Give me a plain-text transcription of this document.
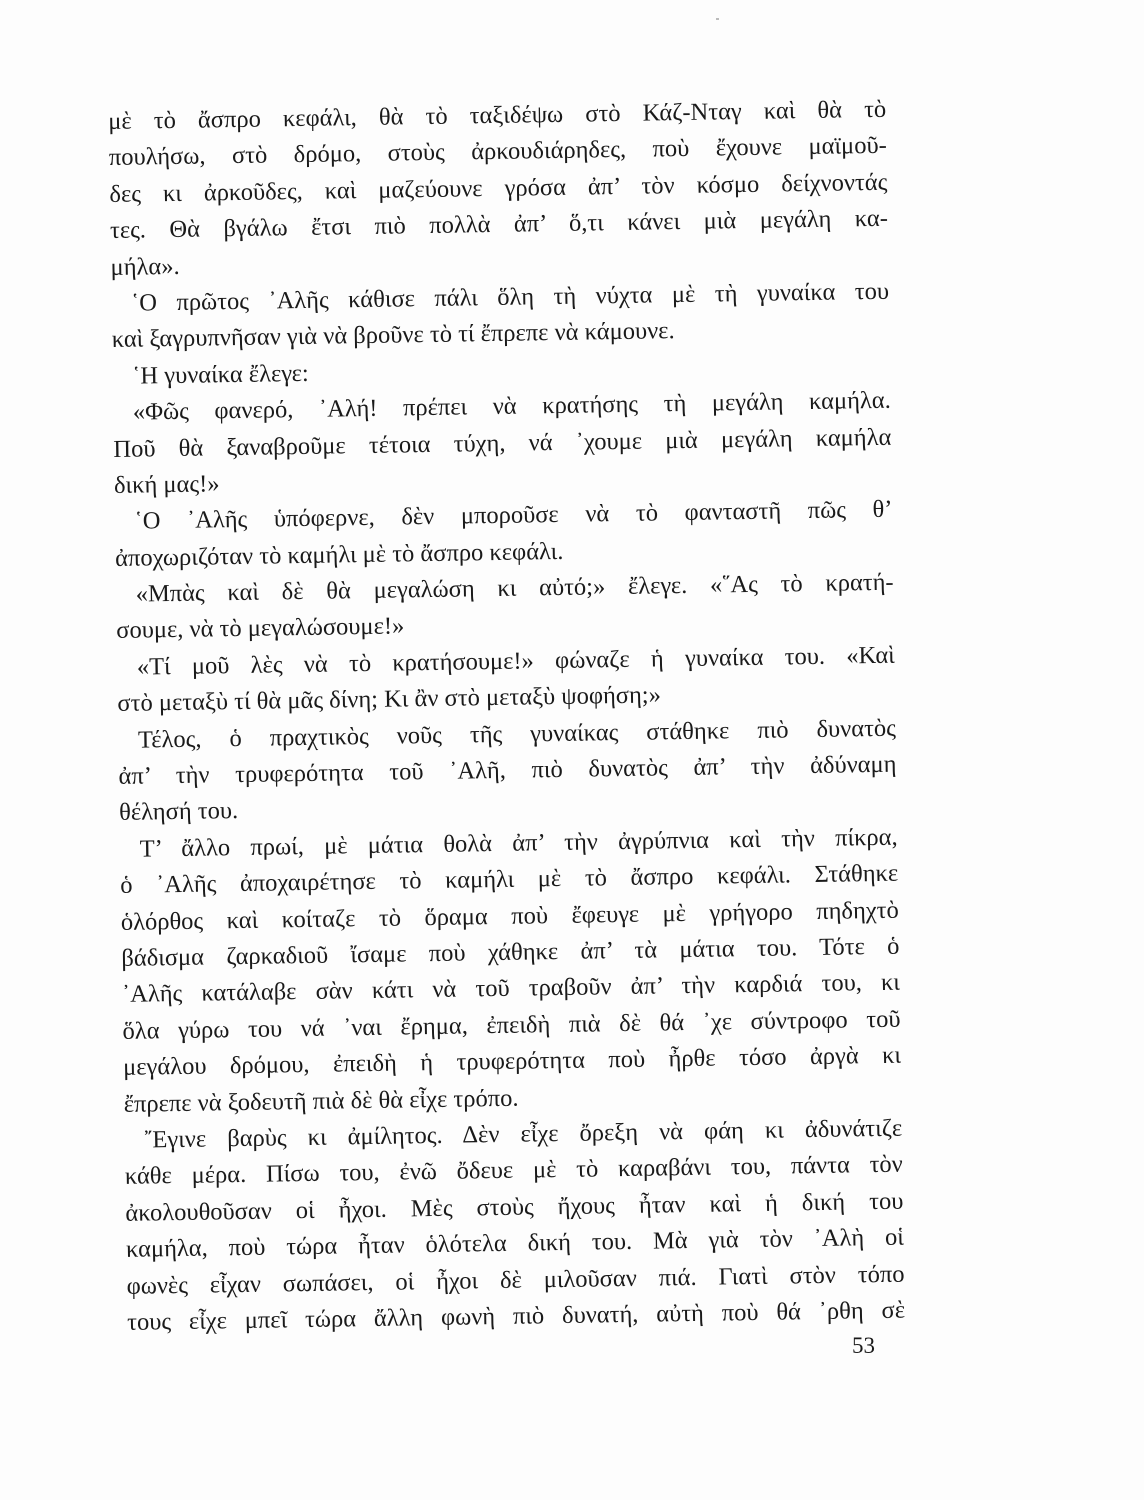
μὲ τὸ ἄσπρο κεφάλι, θὰ τὸ ταξιδέψω στὸ Κάζ-Νταγ καὶ θὰ τὸ
πουλήσω, στὸ δρόμο, στοὺς ἀρκουδιάρηδες, ποὺ ἔχουνε μαϊμοῦ-
δες κι ἀρκοῦδες, καὶ μαζεύουνε γρόσα ἀπ’ τὸν κόσμο δείχνοντάς
τες. Θὰ βγάλω ἔτσι πιὸ πολλὰ ἀπ’ ὅ,τι κάνει μιὰ μεγάλη κα-
μήλα».
῾Ο πρῶτος ᾿Αλῆς κάθισε πάλι ὅλη τὴ νύχτα μὲ τὴ γυναίκα του
καὶ ξαγρυπνῆσαν γιὰ νὰ βροῦνε τὸ τί ἔπρεπε νὰ κάμουνε.
῾Η γυναίκα ἔλεγε:
«Φῶς φανερό, ᾿Αλή! πρέπει νὰ κρατήσης τὴ μεγάλη καμήλα.
Ποῦ θὰ ξαναβροῦμε τέτοια τύχη, νά ᾿χουμε μιὰ μεγάλη καμήλα
δική μας!»
῾Ο ᾿Αλῆς ὑπόφερνε, δὲν μποροῦσε νὰ τὸ φανταστῆ πῶς θ’
ἀποχωριζόταν τὸ καμήλι μὲ τὸ ἄσπρο κεφάλι.
«Μπὰς καὶ δὲ θὰ μεγαλώση κι αὐτό;» ἔλεγε. «῞Ας τὸ κρατή-
σουμε, νὰ τὸ μεγαλώσουμε!»
«Τί μοῦ λὲς νὰ τὸ κρατήσουμε!» φώναζε ἡ γυναίκα του. «Καὶ
στὸ μεταξὺ τί θὰ μᾶς δίνη; Κι ἂν στὸ μεταξὺ ψοφήση;»
Τέλος, ὁ πραχτικὸς νοῦς τῆς γυναίκας στάθηκε πιὸ δυνατὸς
ἀπ’ τὴν τρυφερότητα τοῦ ᾿Αλῆ, πιὸ δυνατὸς ἀπ’ τὴν ἀδύναμη
θέλησή του.
Τ’ ἄλλο πρωί, μὲ μάτια θολὰ ἀπ’ τὴν ἀγρύπνια καὶ τὴν πίκρα,
ὁ ᾿Αλῆς ἀποχαιρέτησε τὸ καμήλι μὲ τὸ ἄσπρο κεφάλι. Στάθηκε
ὁλόρθος καὶ κοίταζε τὸ ὅραμα ποὺ ἔφευγε μὲ γρήγορο πηδηχτὸ
βάδισμα ζαρκαδιοῦ ἴσαμε ποὺ χάθηκε ἀπ’ τὰ μάτια του. Τότε ὁ
᾿Αλῆς κατάλαβε σὰν κάτι νὰ τοῦ τραβοῦν ἀπ’ τὴν καρδιά του, κι
ὅλα γύρω του νά ᾿ναι ἔρημα, ἐπειδὴ πιὰ δὲ θά ᾿χε σύντροφο τοῦ
μεγάλου δρόμου, ἐπειδὴ ἡ τρυφερότητα ποὺ ἦρθε τόσο ἀργὰ κι
ἔπρεπε νὰ ξοδευτῆ πιὰ δὲ θὰ εἶχε τρόπο.
῎Εγινε βαρὺς κι ἀμίλητος. Δὲν εἶχε ὄρεξη νὰ φάη κι ἀδυνάτιζε
κάθε μέρα. Πίσω του, ἐνῶ ὄδευε μὲ τὸ καραβάνι του, πάντα τὸν
ἀκολουθοῦσαν οἱ ἦχοι. Μὲς στοὺς ἤχους ἦταν καὶ ἡ δική του
καμήλα, ποὺ τώρα ἦταν ὁλότελα δική του. Μὰ γιὰ τὸν ᾿Αλὴ οἱ
φωνὲς εἶχαν σωπάσει, οἱ ἦχοι δὲ μιλοῦσαν πιά. Γιατὶ στὸν τόπο
τους εἶχε μπεῖ τώρα ἄλλη φωνὴ πιὸ δυνατή, αὐτὴ ποὺ θά ᾿ρθη σὲ
53
